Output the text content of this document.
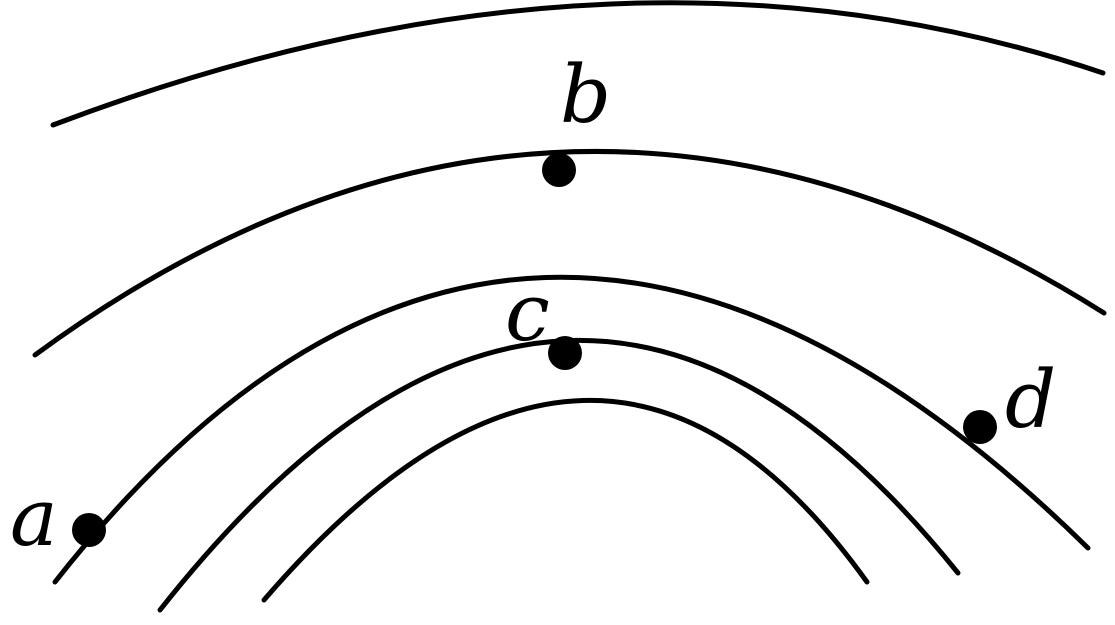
a
b
c
d
